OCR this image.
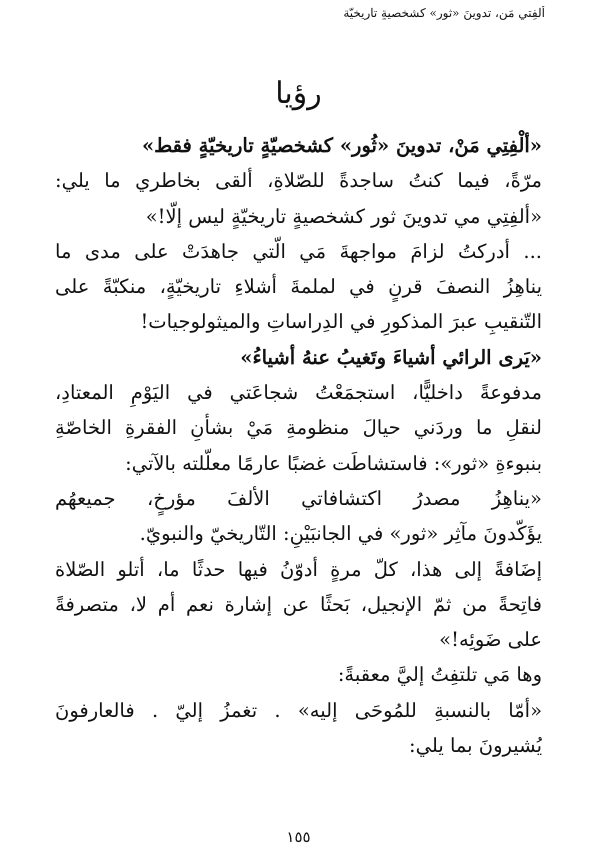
ألفِتي مَن، تدوينَ «ثور» كشخصيةٍ تاريخيّة
رؤيا
«ألْفِتِي مَنْ، تدوينَ «ثُور» كشخصيّةٍ تاريخيّةٍ فقط»
مرّةً، فيما كنتُ ساجدةً للصّلاةِ، ألقى بخاطري ما يلي:
«ألفِتِي مي تدوينَ ثور كشخصيةٍ تاريخيّةٍ ليس إلّا!»
... أدركتُ لزامَ مواجهةَ مَي الّتي جاهدَتْ على مدى ما
يناهِزُ النصفَ قرنٍ في لملمةَ أشلاءِ تاريخيّةٍ، منكبّةً على
التّنقيبِ عبرَ المذكورِ في الدِراساتِ والميثولوجيات!
«يَرى الرائي أشياءَ وتَغيبُ عنهُ أشياءُ»
مدفوعةً داخليًّا، استجمَعْتُ شجاعَتي في اليَوْمِ المعتادِ،
لنقلِ ما وردَني حيالَ منظومةِ مَيْ بشأنِ الفقرةِ الخاصّةِ
بنبوءةِ «ثور»: فاستشاطَت غضبًا عارمًا معلّلته بالآتي:
«يناهِزُ مصدرُ اكتشافاتي الألفَ مؤرخٍ، جميعهُم
يؤَكّدونَ مآثِر «ثور» في الجانبَيْنِ: التّاريخيّ والنبويّ.
إضَافةً إلى هذا، كلّ مرةٍ أدوّنُ فيها حدثًا ما، أتلو الصّلاة
فاتِحةً من ثمّ الإنجيل، بَحثًا عن إشارة نعم أم لا، متصرفةً
على ضَوئِه!»
وها مَي تلتفِتُ إليَّ معقبةً:
«أمّا بالنسبةِ للمُوحَى إليه» . تغمزُ إليّ . فالعارفونَ
يُشيرونَ بما يلي:
١٥٥
